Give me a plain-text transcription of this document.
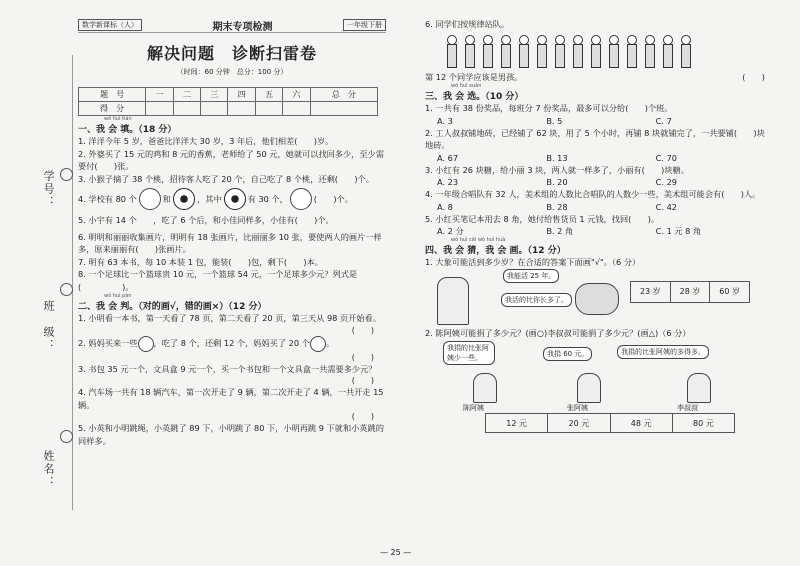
学号：
班　级：
姓名：
数学新课标（人）	期末专项检测	一年级下册
解决问题　诊断扫雷卷
（时间：60 分钟　总分：100 分）
题　号	一	二	三	四	五	六	总　分
得　分							
wǒ huì tián
一、我 会 填。（18 分）
1. 洋洋今年 5 岁，爸爸比洋洋大 30 岁，3 年后，他们相差(　　)岁。
2. 外婆买了 15 元的鸡和 8 元的香蕉，老师给了 50 元，她就可以找回多少，至少需要付(　　)张。
3. 小猴子摘了 38 个桃，招待客人吃了 20 个，自己吃了 8 个桃，还剩(　　)个。
4. 学校有 80 个	和	，其中	有 30 个，	(　　)个。
5. 小宇有 14 个　　，吃了 6 个后，和小佳同样多，小佳有(　　)个。
6. 明明和丽丽收集画片，明明有 18 张画片，比丽丽多 10 张，要使两人的画片一样多，原来丽丽有(　　)张画片。
7. 明有 63 本书，每 10 本装 1 包，能装(　　)包，剩下(　　)本。
8. 一个足球比一个篮球贵 10 元，一个篮球 54 元，一个足球多少元？列式是(　　　　　)。
wǒ huì pàn
二、我 会 判。（对的画√，错的画×）（12 分）
1. 小明看一本书，第一天看了 78 页，第二天看了 20 页，第三天从 98 页开始看。
(　　)
2. 妈妈买来一些 ，吃了 8 个，还剩 12 个，妈妈买了 20 个 。
(　　)
3. 书包 35 元一个，文具盒 9 元一个，买一个书包和一个文具盒一共需要多少元？
(　　)
4. 汽车场一共有 18 辆汽车，第一次开走了 9 辆，第二次开走了 4 辆，一共开走 15 辆。
(　　)
5. 小英和小明跳绳，小英跳了 89 下，小明跳了 80 下，小明再跳 9 下就和小英跳的同样多。
6. 同学们按规律站队。
第 12 个同学应该是男孩。	(　　)
wǒ huì xuǎn
三、我 会 选。（10 分）
1. 一共有 38 份奖品，每班分 7 份奖品，最多可以分给(　　)个班。
A. 3	B. 5	C. 7
2. 工人叔叔铺地砖，已经铺了 62 块，用了 5 个小时，再铺 8 块就铺完了，一共要铺(　　)块地砖。
A. 67	B. 13	C. 70
3. 小红有 26 块糖，给小丽 3 块，两人就一样多了，小丽有(　　)块糖。
A. 23	B. 20	C. 29
4. 一年级合唱队有 32 人，美术组的人数比合唱队的人数少一些，美术组可能会有(　　)人。
A. 8	B. 28	C. 42
5. 小红买笔记本用去 8 角，她付给售货员 1 元钱，找回(　　)。
A. 2 分	B. 2 角	C. 1 元 8 角
wǒ huì cāi wǒ huì huà
四、我 会 猜，我 会 画。（12 分）
1. 大象可能活到多少岁？在合适的答案下面画"√"。（6 分）
我能活 25 年。
我活的比你长多了。
23 岁	28 岁	60 岁
2. 陈阿姨可能捐了多少元？(画○)李叔叔可能捐了多少元？(画△)（6 分）
我捐的比张阿姨少一些。	我捐 60 元。	我捐的比张阿姨的多得多。
陈阿姨	张阿姨	李叔叔
12 元	20 元	48 元	80 元
— 25 —
